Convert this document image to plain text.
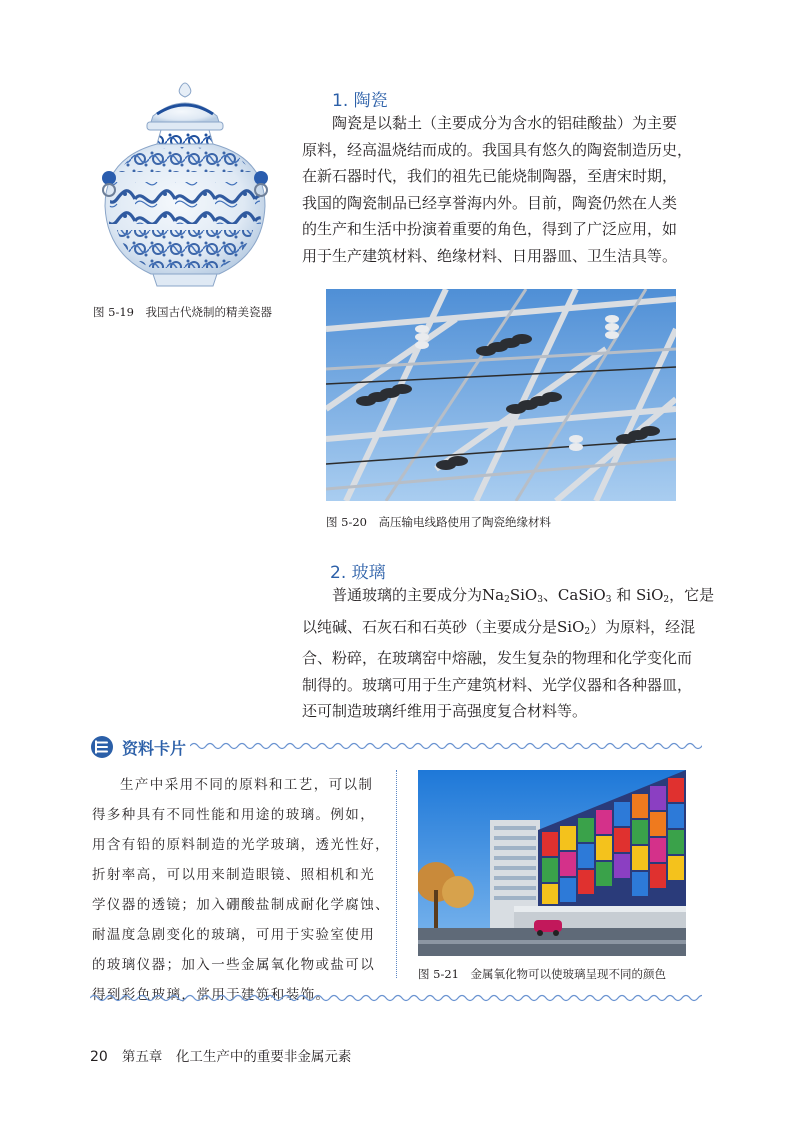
图 5-19　我国古代烧制的精美瓷器
1. 陶瓷
陶瓷是以黏土（主要成分为含水的铝硅酸盐）为主要
原料，经高温烧结而成的。我国具有悠久的陶瓷制造历史，
在新石器时代，我们的祖先已能烧制陶器，至唐宋时期，
我国的陶瓷制品已经享誉海内外。目前，陶瓷仍然在人类
的生产和生活中扮演着重要的角色，得到了广泛应用，如
用于生产建筑材料、绝缘材料、日用器皿、卫生洁具等。
图 5-20　高压输电线路使用了陶瓷绝缘材料
2. 玻璃
普通玻璃的主要成分为$Na_2SiO_3$、CaSiO$_3$ 和 SiO$_2$，它是
以纯碱、石灰石和石英砂（主要成分是SiO$_2$）为原料，经混
合、粉碎，在玻璃窑中熔融，发生复杂的物理和化学变化而
制得的。玻璃可用于生产建筑材料、光学仪器和各种器皿，
还可制造玻璃纤维用于高强度复合材料等。
资料卡片
生产中采用不同的原料和工艺，可以制
得多种具有不同性能和用途的玻璃。例如，
用含有铅的原料制造的光学玻璃，透光性好，
折射率高，可以用来制造眼镜、照相机和光
学仪器的透镜；加入硼酸盐制成耐化学腐蚀、
耐温度急剧变化的玻璃，可用于实验室使用
的玻璃仪器；加入一些金属氧化物或盐可以
得到彩色玻璃，常用于建筑和装饰。
图 5-21　金属氧化物可以使玻璃呈现不同的颜色
20 第五章　化工生产中的重要非金属元素
